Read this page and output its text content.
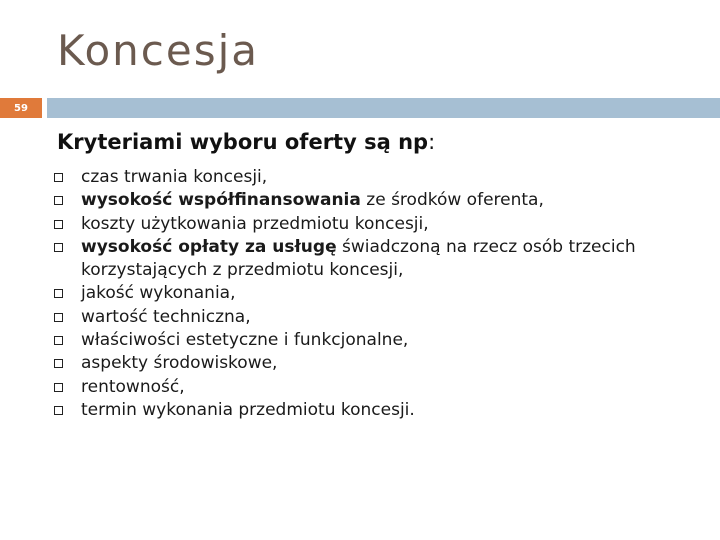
Koncesja
59
Kryteriami wyboru oferty są np:
czas trwania koncesji,
wysokość współfinansowania ze środków oferenta,
koszty użytkowania przedmiotu koncesji,
wysokość opłaty za usługę świadczoną na rzecz osób trzecich korzystających z przedmiotu koncesji,
jakość wykonania,
wartość techniczna,
właściwości estetyczne i funkcjonalne,
aspekty środowiskowe,
rentowność,
termin wykonania przedmiotu koncesji.
